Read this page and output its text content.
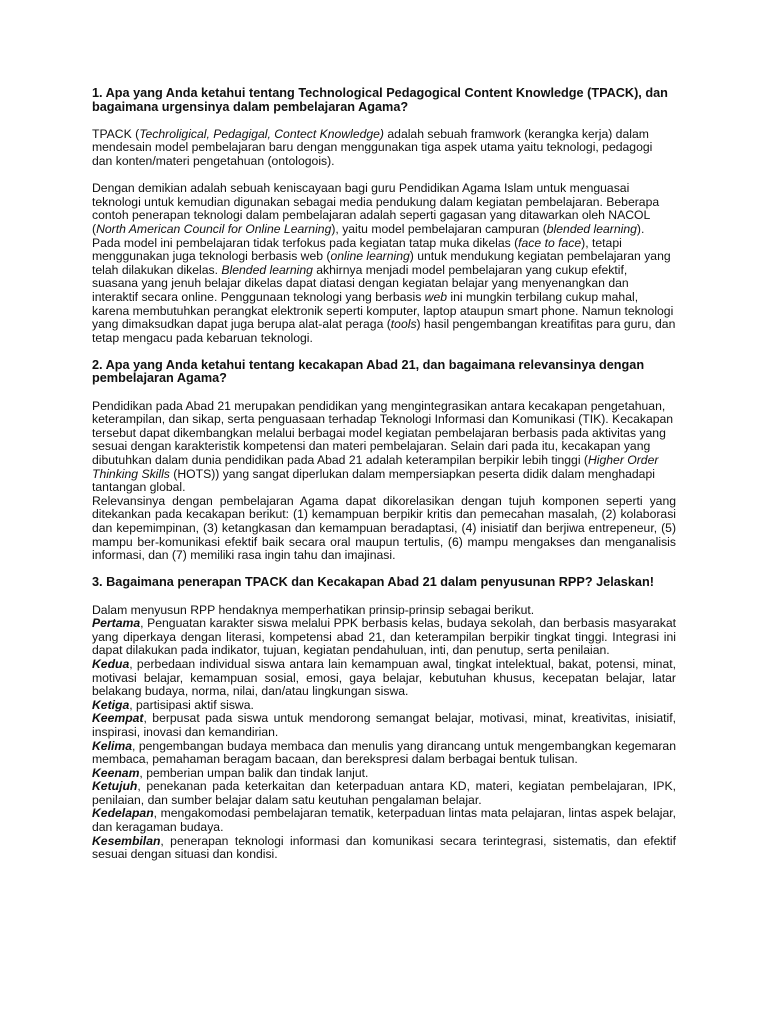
1. Apa yang Anda ketahui tentang Technological Pedagogical Content Knowledge (TPACK), dan bagaimana urgensinya dalam pembelajaran Agama?

TPACK (Techroligical, Pedagigal, Contect Knowledge) adalah sebuah framwork (kerangka kerja) dalam mendesain model pembelajaran baru dengan menggunakan tiga aspek utama yaitu teknologi, pedagogi dan konten/materi pengetahuan (ontologois).

Dengan demikian adalah sebuah keniscayaan bagi guru Pendidikan Agama Islam untuk menguasai teknologi untuk kemudian digunakan sebagai media pendukung dalam kegiatan pembelajaran. Beberapa contoh penerapan teknologi dalam pembelajaran adalah seperti gagasan yang ditawarkan oleh NACOL (North American Council for Online Learning), yaitu model pembelajaran campuran (blended learning). Pada model ini pembelajaran tidak terfokus pada kegiatan tatap muka dikelas (face to face), tetapi menggunakan juga teknologi berbasis web (online learning) untuk mendukung kegiatan pembelajaran yang telah dilakukan dikelas. Blended learning akhirnya menjadi model pembelajaran yang cukup efektif, suasana yang jenuh belajar dikelas dapat diatasi dengan kegiatan belajar yang menyenangkan dan interaktif secara online. Penggunaan teknologi yang berbasis web ini mungkin terbilang cukup mahal, karena membutuhkan perangkat elektronik seperti komputer, laptop ataupun smart phone. Namun teknologi yang dimaksudkan dapat juga berupa alat-alat peraga (tools) hasil pengembangan kreatifitas para guru, dan tetap mengacu pada kebaruan teknologi.

2. Apa yang Anda ketahui tentang kecakapan Abad 21, dan bagaimana relevansinya dengan pembelajaran Agama?

Pendidikan pada Abad 21 merupakan pendidikan yang mengintegrasikan antara kecakapan pengetahuan, keterampilan, dan sikap, serta penguasaan terhadap Teknologi Informasi dan Komunikasi (TIK). Kecakapan tersebut dapat dikembangkan melalui berbagai model kegiatan pembelajaran berbasis pada aktivitas yang sesuai dengan karakteristik kompetensi dan materi pembelajaran. Selain dari pada itu, kecakapan yang dibutuhkan dalam dunia pendidikan pada Abad 21 adalah keterampilan berpikir lebih tinggi (Higher Order Thinking Skills (HOTS)) yang sangat diperlukan dalam mempersiapkan peserta didik dalam menghadapi tantangan global.

Relevansinya dengan pembelajaran Agama dapat dikorelasikan dengan tujuh komponen seperti yang ditekankan pada kecakapan berikut: (1) kemampuan berpikir kritis dan pemecahan masalah, (2) kolaborasi dan kepemimpinan, (3) ketangkasan dan kemampuan beradaptasi, (4) inisiatif dan berjiwa entrepeneur, (5) mampu ber-komunikasi efektif baik secara oral maupun tertulis, (6) mampu mengakses dan menganalisis informasi, dan (7) memiliki rasa ingin tahu dan imajinasi.

3. Bagaimana penerapan TPACK dan Kecakapan Abad 21 dalam penyusunan RPP? Jelaskan!

Dalam menyusun RPP hendaknya memperhatikan prinsip-prinsip sebagai berikut.

Pertama, Penguatan karakter siswa melalui PPK berbasis kelas, budaya sekolah, dan berbasis masyarakat yang diperkaya dengan literasi, kompetensi abad 21, dan keterampilan berpikir tingkat tinggi. Integrasi ini dapat dilakukan pada indikator, tujuan, kegiatan pendahuluan, inti, dan penutup, serta penilaian.

Kedua, perbedaan individual siswa antara lain kemampuan awal, tingkat intelektual, bakat, potensi, minat, motivasi belajar, kemampuan sosial, emosi, gaya belajar, kebutuhan khusus, kecepatan belajar, latar belakang budaya, norma, nilai, dan/atau lingkungan siswa.

Ketiga, partisipasi aktif siswa.

Keempat, berpusat pada siswa untuk mendorong semangat belajar, motivasi, minat, kreativitas, inisiatif, inspirasi, inovasi dan kemandirian.

Kelima, pengembangan budaya membaca dan menulis yang dirancang untuk mengembangkan kegemaran membaca, pemahaman beragam bacaan, dan berekspresi dalam berbagai bentuk tulisan.

Keenam, pemberian umpan balik dan tindak lanjut.

Ketujuh, penekanan pada keterkaitan dan keterpaduan antara KD, materi, kegiatan pembelajaran, IPK, penilaian, dan sumber belajar dalam satu keutuhan pengalaman belajar.

Kedelapan, mengakomodasi pembelajaran tematik, keterpaduan lintas mata pelajaran, lintas aspek belajar, dan keragaman budaya.

Kesembilan, penerapan teknologi informasi dan komunikasi secara terintegrasi, sistematis, dan efektif sesuai dengan situasi dan kondisi.
